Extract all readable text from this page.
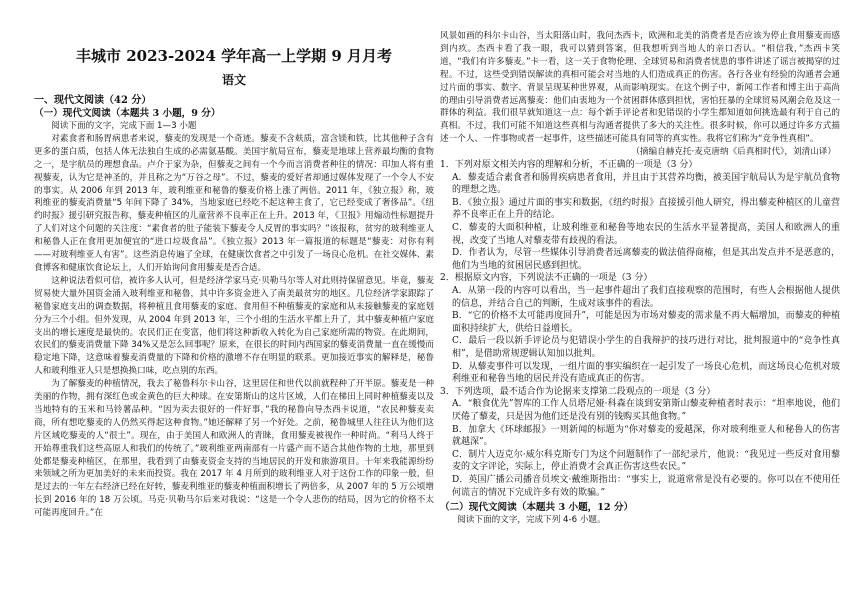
丰城市 2023-2024 学年高一上学期 9 月月考
语文
一、现代文阅读（42 分）
（一）现代文阅读（本题共 3 小题，9 分）

阅读下面的文字，完成下面 1—3 小题

对素食者和肠胃病患者来说，藜麦的发现是一个奇迹。藜麦不含麸质，富含镁和铁，比其他种子含有更多的蛋白质，包括人体无法独自生成的必需氨基酸。美国宇航局宣布，藜麦是地球上营养最均衡的食物之一，是宇航员的理想食品。卢介于家为杂，但藜麦之间有一个今而言消费者种往的情况：印加人将有重视藜麦，认为它是神圣的，并且称之为“万谷之母”。不过，藜麦的爱好者却通过媒体发现了一个令人不安的事实。从 2006 年到 2013 年，玻利维亚和秘鲁的藜麦价格上涨了两倍。2011 年，《独立报》称，玻利维亚的藜麦消费量“5 年间下降了 34%，当地家庭已经吃不起这种主食了，它已经变成了奢侈品”。《纽约时报》援引研究报告称，藜麦种植区的儿童营养不良率正在上升。2013 年，《卫报》用煽动性标题提升了人们对这个问题的关注度：“素食者的肚子能装下藜麦令人反胃的事实吗？”该报称，贫穷的玻利维亚人和秘鲁人正在食用更加便宜的“进口垃圾食品”。《独立报》2013 年一篇报道的标题是“藜麦：对你有利——对玻利维亚人有害”。这些消息传遍了全球，在健康饮食者之中引发了一场良心危机。在社交媒体、素食博客和健康饮食论坛上，人们开始询问食用藜麦是否合适。

这种说法看似可信，被许多人认可，但是经济学家马克·贝勒马尔等人对此则持保留意见。毕竟，藜麦贸易使大量外国资金涌入玻利维亚和秘鲁，其中许多资金进入了南美最贫穷的地区。几位经济学家跟踪了秘鲁家庭支出的调查数据，将种植且食用藜麦的家庭、食用但不种植藜麦的家庭和从未接触藜麦的家庭划分为三个小组。但外发现，从 2004 年到 2013 年，三个小组的生活水平都上升了，其中藜麦种植户家庭支出的增长速度是最快的。农民们正在变富，他们将这种新收入转化为自己家庭所需的物资。在此期间，农民们的藜麦消费量下降 34%又是怎么回事呢？原来，在很长的时间内西国家的藜麦消费量一直在缓慢而稳定地下降，这意味着藜麦消费量的下降和价格的激增不存在明显的联系。更加接近事实的解释是，秘鲁人和玻利维亚人只是想换换口味，吃点别的东西。

为了解藜麦的种植情况，我去了秘鲁科尔卡山谷，这里居住和世代以前就程种了开半原。藜麦是一种美丽的作物，拥有深红色或金黄色的巨大种球。在安第斯山的这片区域，人们在梯田上同时种植藜麦以及当地特有的玉米和马铃薯品种。“因为卖去很好的一件好事，”我的秘鲁向导杰西卡说道，“农民种藜麦卖商，所有想吃藜麦的人仍然买得起这种食物。”她还解释了另一个好处。之前，秘鲁城里人往往认为他们这片区域吃藜麦的人“很土”。现在，由于美国人和欧洲人的青睐，食用藜麦被视作一种时尚。“利马人终于开始尊重我们这些高原人和我们的传统了。”玻利维亚两南部有一片盛产而不适合其他作物的土地，那里到处都是藜麦种植区，在那里，我看到了由藜麦资金支持的当地居民的开发和旅游项目。十年来我能源纷纷来领域之所为更加美好的未来而投资。我在 2017 年 4 月所到的玻利维亚人对于这份工作的印象一般，但是过去的一年左右经济已经在好转，藜麦利维亚的藜麦种植面积增长了两倍多，从 2007 年的 5 万公顷增长到 2016 年的 18 万公顷。马克·贝勒马尔后来对我说：“这是一个令人悲伤的结局，因为它的价格不太可能再度回升。”在

风景如画的科尔卡山谷，当太阳落山时，我问杰西卡，欧洲和北美的消费者是否应该为停止食用藜麦而感到内疚。杰西卡看了我一眼，我可以猜到答案，但我想听到当地人的亲口否认。“相信我，”杰西卡笑道，“我们有许多藜麦。”卡一看，这一关于食物伦理、全球贸易和消费者忧患的事件讲述了谣言被揭穿的过程。不过，这些受到错误解读的真相可能会对当地的人们造成真正的伤害。各行各业有经验的沟通者会通过片面的事实、数字、背景呈现某种世界观，从而影响现实。在这个例子中，新闻工作者和博主出于高尚的理由引导消费者远离藜麦：他们由衷地为一个贫困群体感到担忧，害怕狂暴的全球贸易风潮会危及这一群体的利益。我们很早就知道这一点：每个新手评论者和犯错误的小学生都知道如何挑选最有利于自己的真相。不过，我们可能不知道这些真相与沟通者提供了多大的关注性。很多时候，你可以通过许多方式描述一个人、一件事物或者一起事件，这些描述可能具有同等的真实性。我将它们称为“竞争性真相”。

（摘编自赫克托·麦克唐纳《后真相时代》，刘清山译）

1．下列对原文相关内容的理解和分析，不正确的一项是（3 分）

A．藜麦适合素食者和肠胃疾病患者食用，并且由于其营养均衡，被美国宇航局认为是宇航员食物的理想之选。

B．《独立报》通过片面的事实和数据，《纽约时报》直接援引他人研究，得出藜麦种植区的儿童营养不良率正在上升的结论。

C．藜麦的大面积种植，让玻利维亚和秘鲁等地农民的生活水平显著提高，美国人和欧洲人的重视，改变了当地人对藜麦带有歧视的看法。

D．作者认为，尽管一些媒体引导消费者远离藜麦的做法值得商榷，但是其出发点并不是恶意的，他们为当地的贫困居民感到担忧。

2．根据原文内容，下列说法不正确的一项是（3 分）

A．从第一段的内容可以看出，当一起事件超出了我们直接观察的范围时，有些人会根据他人提供的信息，并结合自己的判断，生成对该事件的看法。

B．“它的价格不太可能再度回升”，可能是因为市场对藜麦的需求量不再大幅增加，而藜麦的种植面积持续扩大，供给日益增长。

C．最后一段以新手评论员与犯错误小学生的自我辩护的技巧进行对比，批判报道中的“竞争性真相”，是借助常规逻辑认知加以批判。

D．从藜麦事件可以发现，一组片面的事实编织在一起引发了一场良心危机，而这场良心危机对玻利维亚和秘鲁当地的居民并没有造成真正的伤害。

3．下列选项，最不适合作为论据来支撑第二段观点的一项是（3 分）

A．“粮食优先”智库的工作人员塔尼娅·科森在谈到安第斯山藜麦种植者时表示：“坦率地说，他们厌倦了藜麦，只是因为他们还是没有别的钱购买其他食物。”

B．加拿大《环球邮报》一则新闻的标题为“你对藜麦的爱越深，你对玻利维亚人和秘鲁人的伤害就越深”。

C．制片人迈克尔·威尔科克斯专门为这个问题制作了一部纪录片，他说：“我见过一些反对食用藜麦的文字评论，实际上，停止消费才会真正伤害这些农民。”

D．英国广播公司播音员埃文·戴维斯指出：“事实上，说道常常是没有必要的。你可以在不使用任何谎言的情况下完成许多有效的欺骗。”

（二）现代文阅读（本题共 3 小题，12 分）

阅读下面的文字，完成下列 4-6 小题。
